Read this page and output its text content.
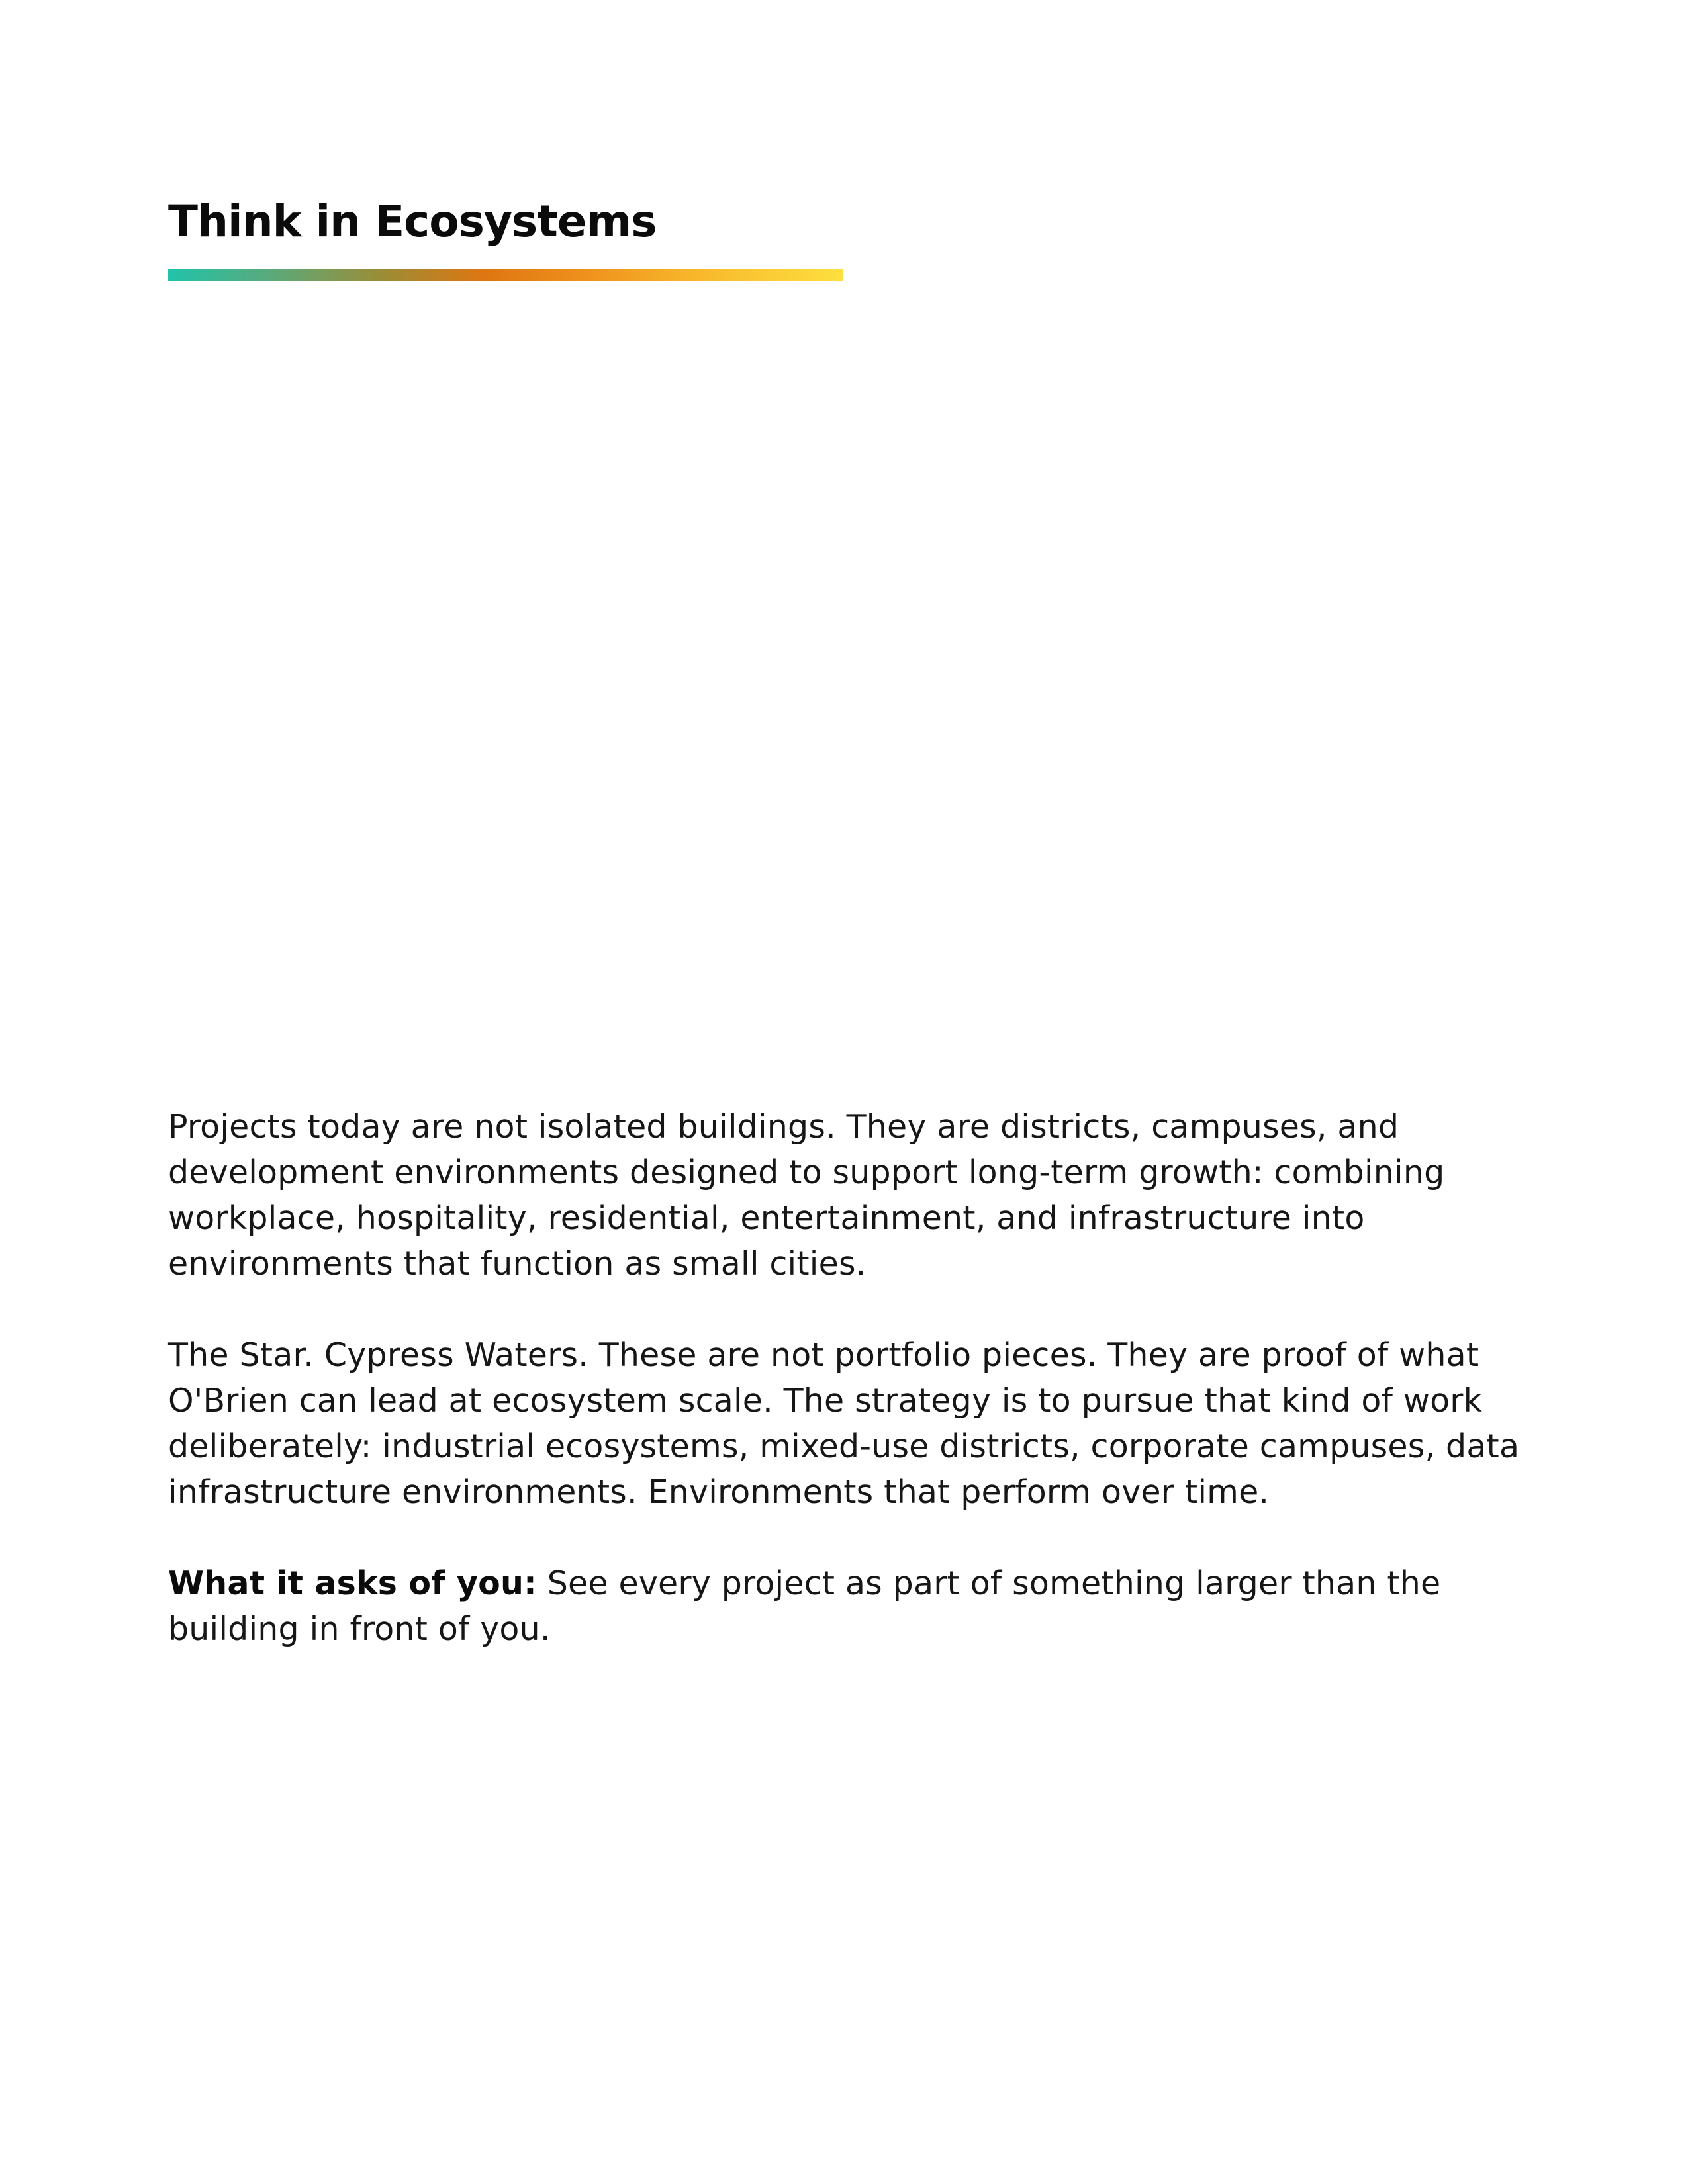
Think in Ecosystems

Projects today are not isolated buildings. They are districts, campuses, and development environments designed to support long-term growth: combining workplace, hospitality, residential, entertainment, and infrastructure into environments that function as small cities.

The Star. Cypress Waters. These are not portfolio pieces. They are proof of what O'Brien can lead at ecosystem scale. The strategy is to pursue that kind of work deliberately: industrial ecosystems, mixed-use districts, corporate campuses, data infrastructure environments. Environments that perform over time.

What it asks of you: See every project as part of something larger than the building in front of you.
